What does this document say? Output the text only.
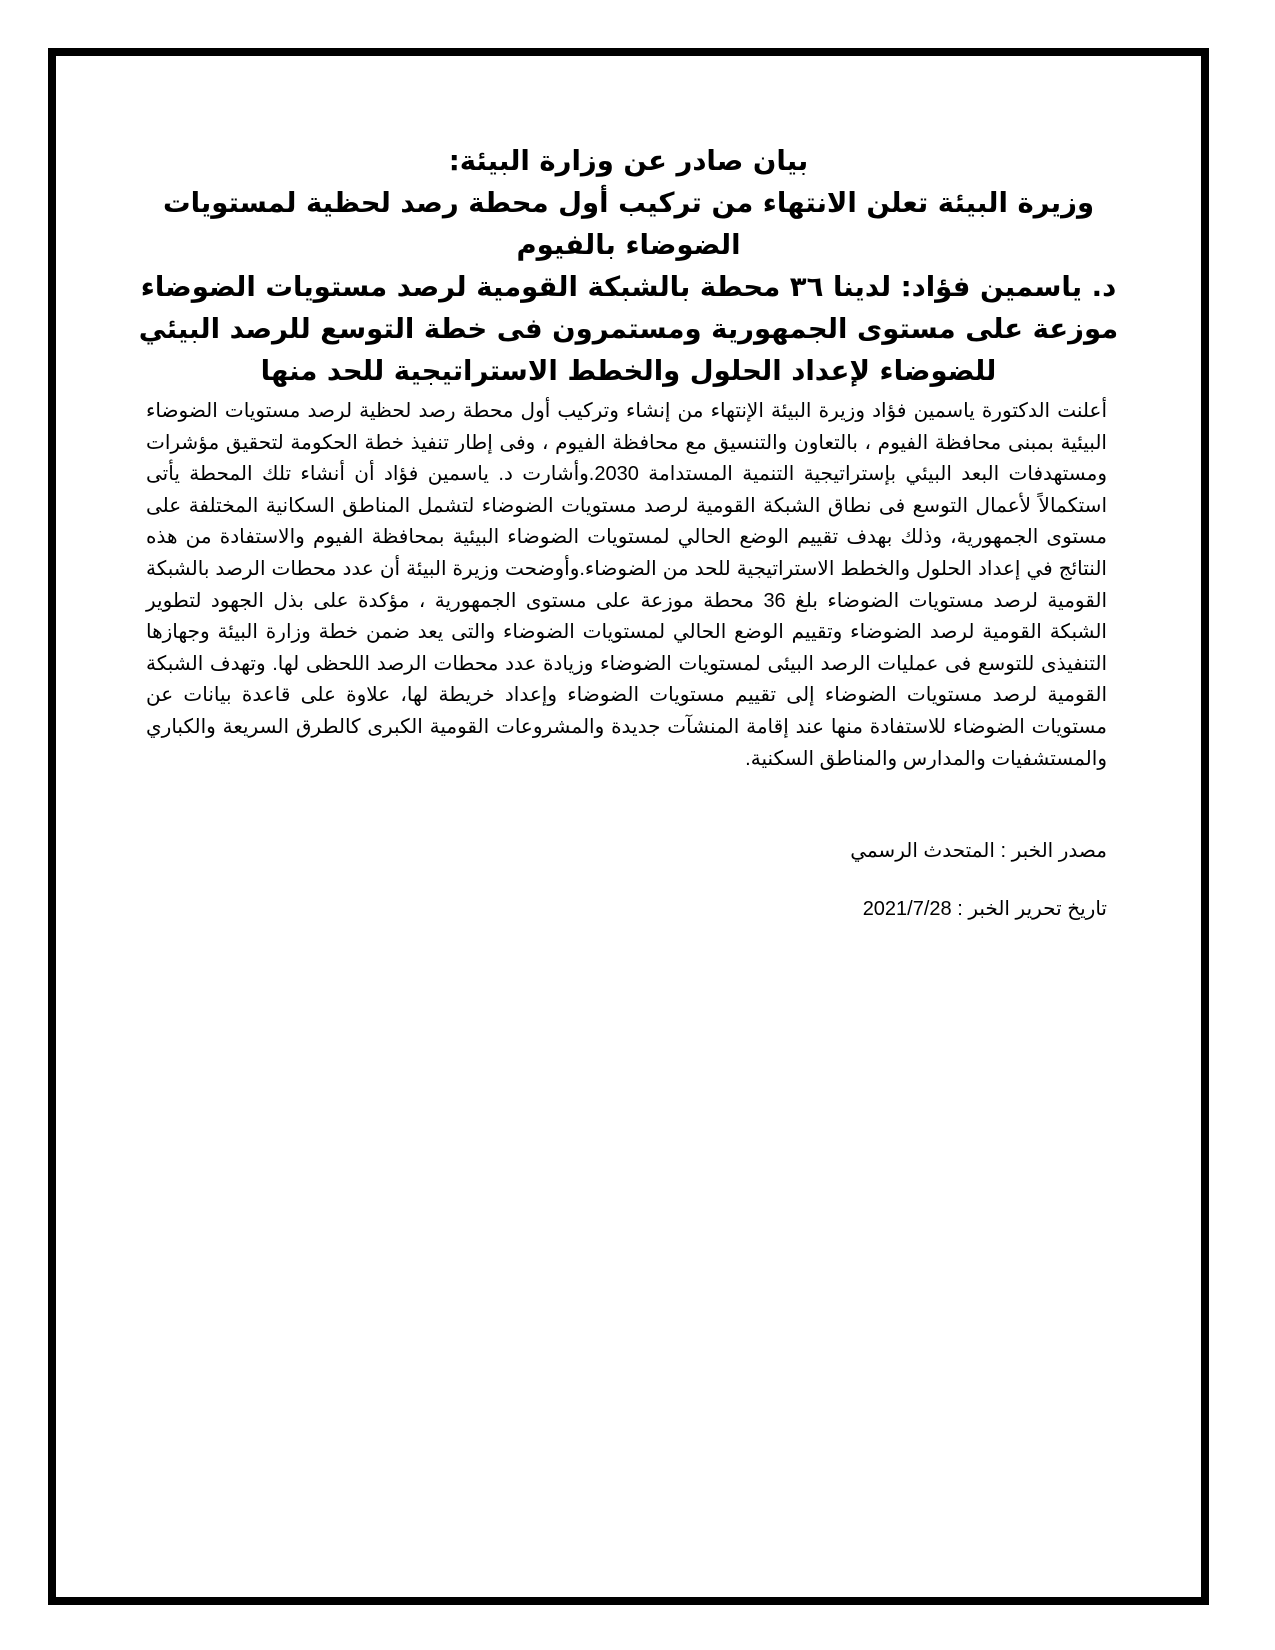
بيان صادر عن وزارة البيئة:
وزيرة البيئة تعلن الانتهاء من تركيب أول محطة رصد لحظية لمستويات
الضوضاء بالفيوم
د. ياسمين فؤاد: لدينا ٣٦ محطة بالشبكة القومية لرصد مستويات الضوضاء
موزعة على مستوى الجمهورية ومستمرون فى خطة التوسع للرصد البيئي
للضوضاء لإعداد الحلول والخطط الاستراتيجية للحد منها

أعلنت الدكتورة ياسمين فؤاد وزيرة البيئة الإنتهاء من إنشاء وتركيب أول محطة رصد لحظية لرصد مستويات الضوضاء البيئية بمبنى محافظة الفيوم ، بالتعاون والتنسيق مع محافظة الفيوم ، وفى إطار تنفيذ خطة الحكومة لتحقيق مؤشرات ومستهدفات البعد البيئي بإستراتيجية التنمية المستدامة 2030.وأشارت د. ياسمين فؤاد أن أنشاء تلك المحطة يأتى استكمالاً لأعمال التوسع فى نطاق الشبكة القومية لرصد مستويات الضوضاء لتشمل المناطق السكانية المختلفة على مستوى الجمهورية، وذلك بهدف تقييم الوضع الحالي لمستويات الضوضاء البيئية بمحافظة الفيوم والاستفادة من هذه النتائج في إعداد الحلول والخطط الاستراتيجية للحد من الضوضاء.وأوضحت وزيرة البيئة أن عدد محطات الرصد بالشبكة القومية لرصد مستويات الضوضاء بلغ 36 محطة موزعة على مستوى الجمهورية ، مؤكدة على بذل الجهود لتطوير الشبكة القومية لرصد الضوضاء وتقييم الوضع الحالي لمستويات الضوضاء والتى يعد ضمن خطة وزارة البيئة وجهازها التنفيذى للتوسع فى عمليات الرصد البيئى لمستويات الضوضاء وزيادة عدد محطات الرصد اللحظى لها. وتهدف الشبكة القومية لرصد مستويات الضوضاء إلى تقييم مستويات الضوضاء وإعداد خريطة لها، علاوة على قاعدة بيانات عن مستويات الضوضاء للاستفادة منها عند إقامة المنشآت جديدة والمشروعات القومية الكبرى كالطرق السريعة والكباري والمستشفيات والمدارس والمناطق السكنية.

مصدر الخبر : المتحدث الرسمي

تاريخ تحرير الخبر : 2021/7/28
